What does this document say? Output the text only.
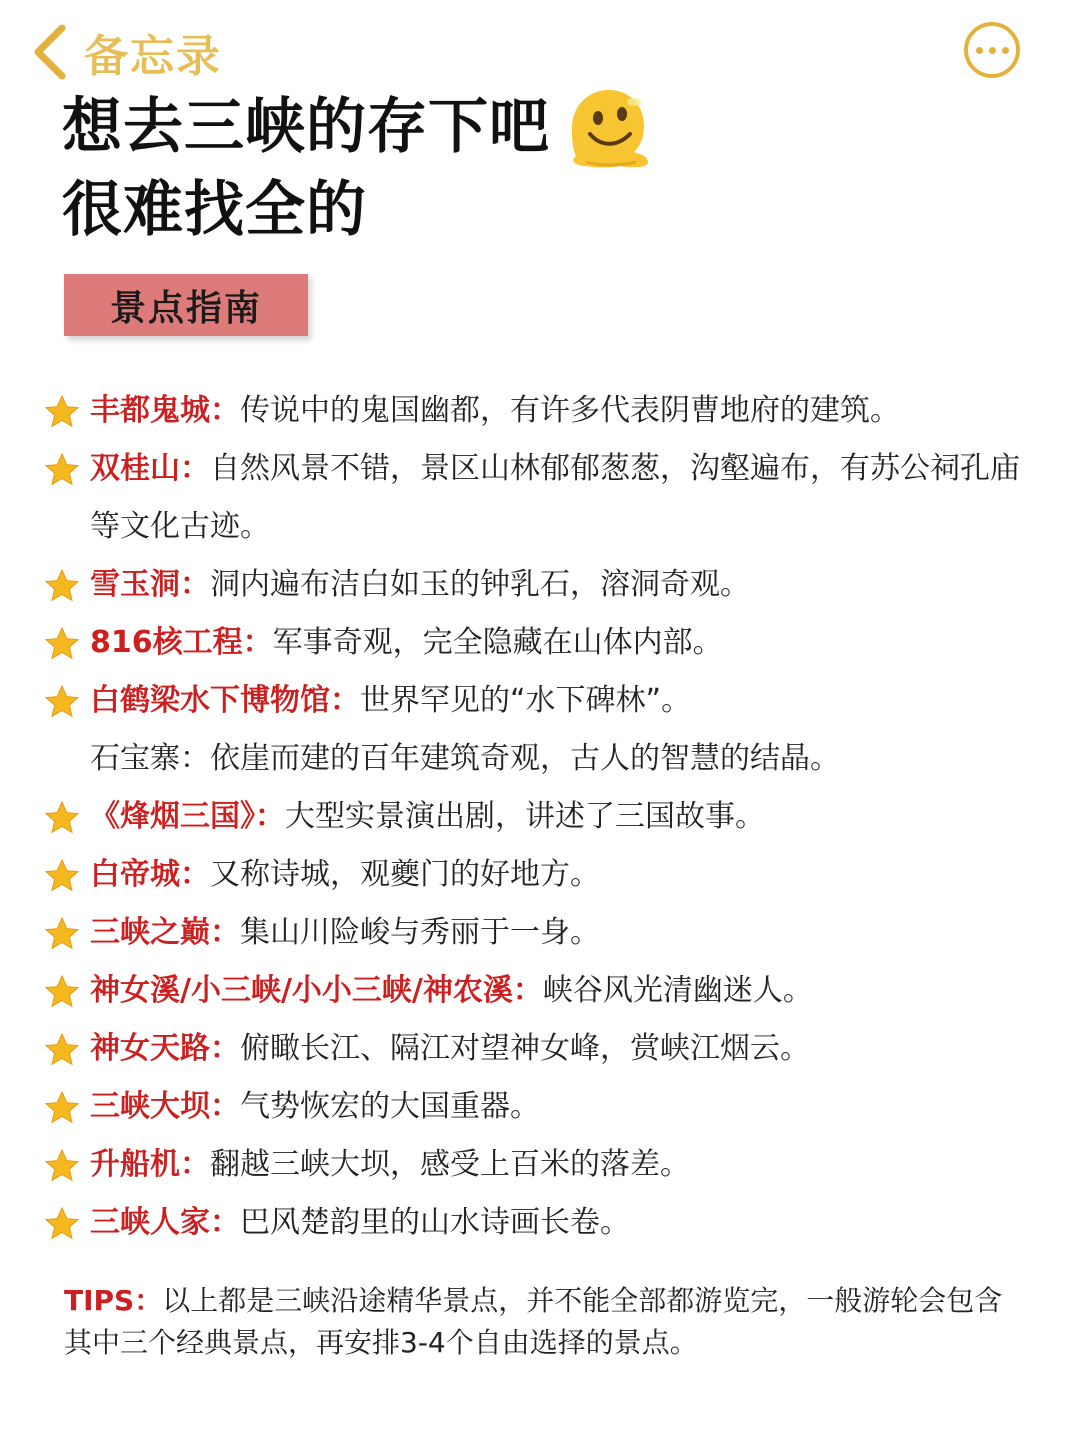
备忘录
想去三峡的存下吧
很难找全的
景点指南
丰都鬼城：传说中的鬼国幽都，有许多代表阴曹地府的建筑。
双桂山：自然风景不错，景区山林郁郁葱葱，沟壑遍布，有苏公祠孔庙等文化古迹。
雪玉洞：洞内遍布洁白如玉的钟乳石，溶洞奇观。
816核工程：军事奇观，完全隐藏在山体内部。
白鹤梁水下博物馆：世界罕见的“水下碑林”。
石宝寨：依崖而建的百年建筑奇观，古人的智慧的结晶。
《烽烟三国》：大型实景演出剧，讲述了三国故事。
白帝城：又称诗城，观夔门的好地方。
三峡之巅：集山川险峻与秀丽于一身。
神女溪/小三峡/小小三峡/神农溪：峡谷风光清幽迷人。
神女天路：俯瞰长江、隔江对望神女峰，赏峡江烟云。
三峡大坝：气势恢宏的大国重器。
升船机：翻越三峡大坝，感受上百米的落差。
三峡人家：巴风楚韵里的山水诗画长卷。
TIPS：以上都是三峡沿途精华景点，并不能全部都游览完，一般游轮会包含其中三个经典景点，再安排3-4个自由选择的景点。
